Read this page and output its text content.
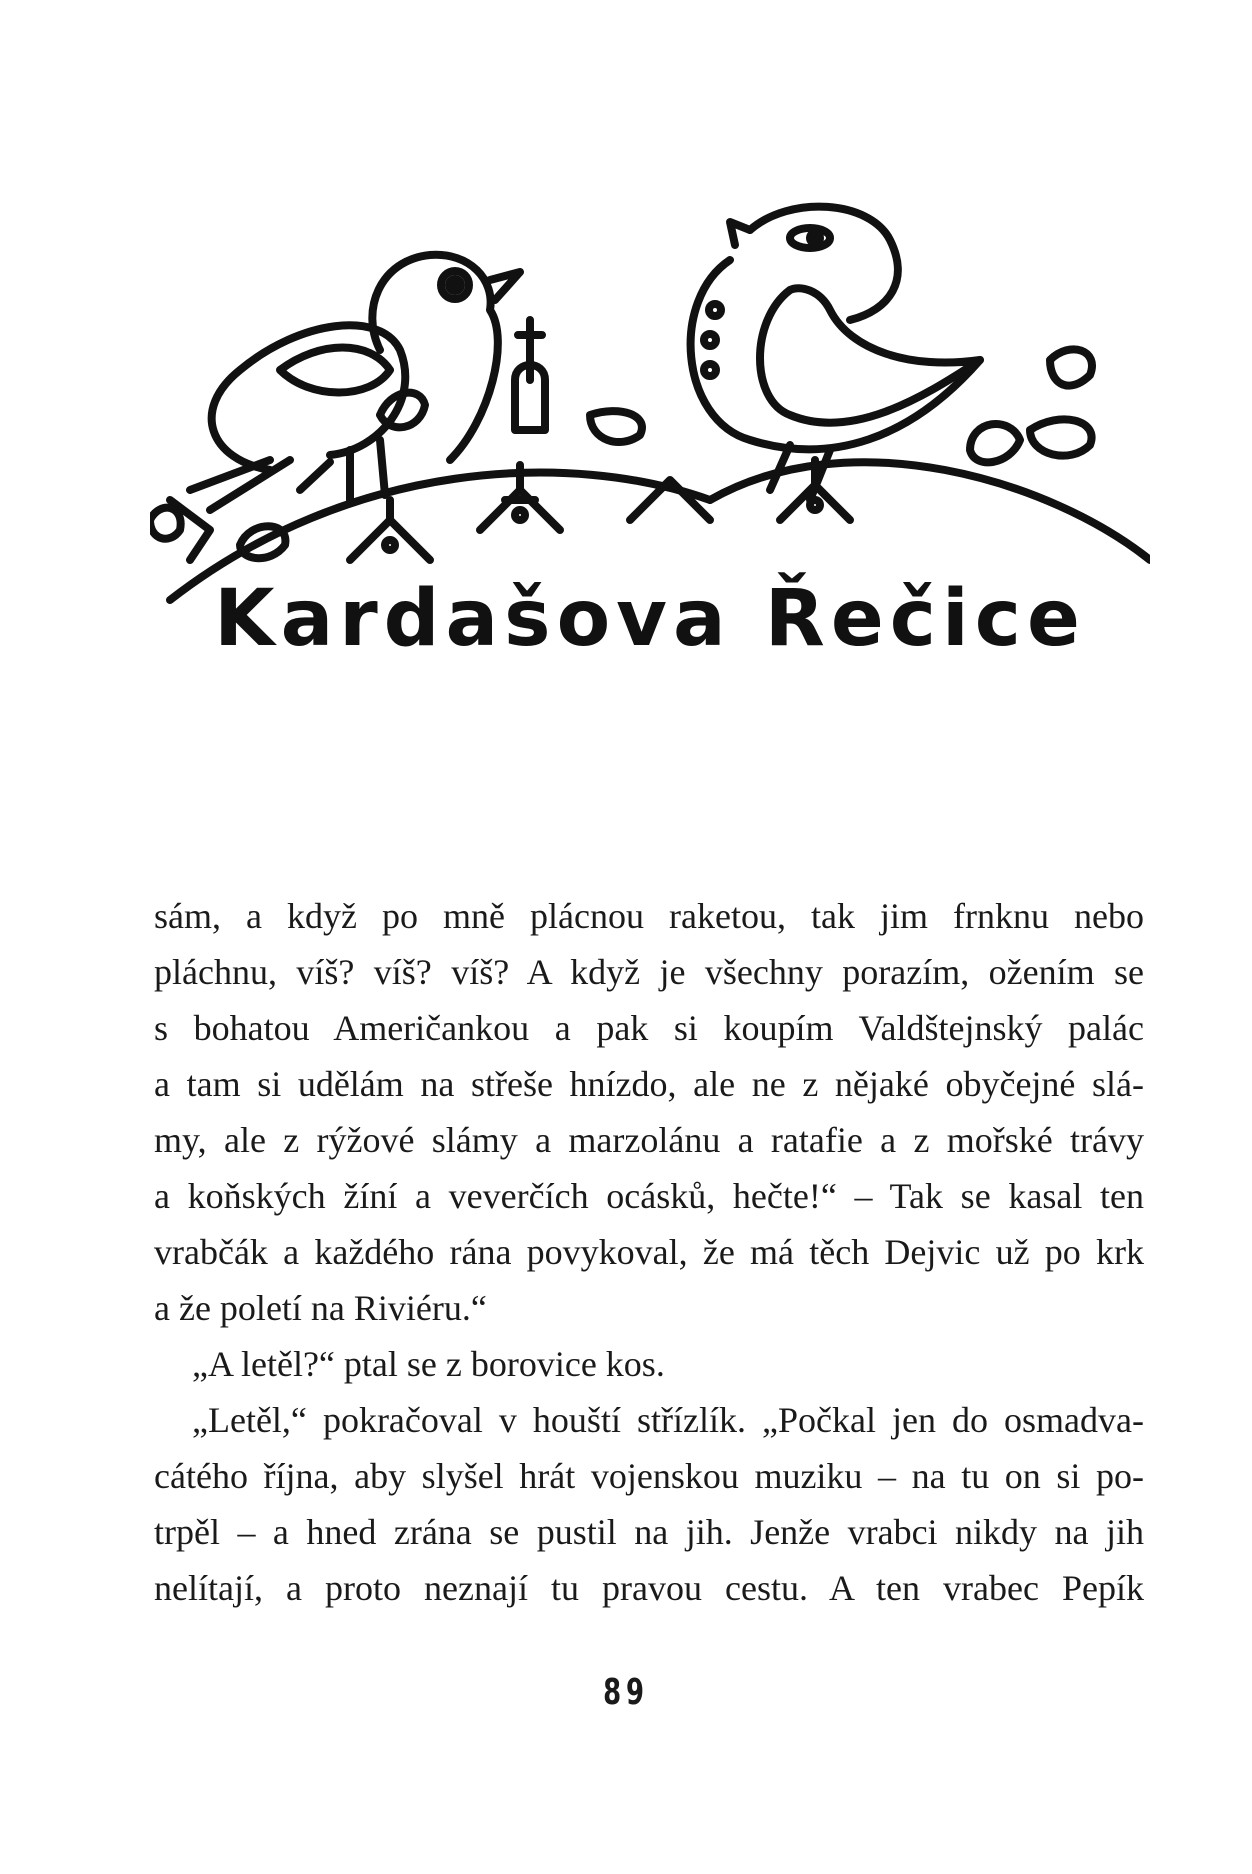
Kardašova Řečice

sám, a když po mně plácnou raketou, tak jim frnknu nebo

pláchnu, víš? víš? víš? A když je všechny porazím, ožením se

s bohatou Američankou a pak si koupím Valdštejnský palác

a tam si udělám na střeše hnízdo, ale ne z nějaké obyčejné slá-

my, ale z rýžové slámy a marzolánu a ratafie a z mořské trávy

a koňských žíní a veverčích ocásků, hečte!“ – Tak se kasal ten

vrabčák a každého rána povykoval, že má těch Dejvic už po krk

a že poletí na Riviéru.“

„A letěl?“ ptal se z borovice kos.

„Letěl,“ pokračoval v houští střízlík. „Počkal jen do osmadva-

cátého října, aby slyšel hrát vojenskou muziku – na tu on si po-

trpěl – a hned zrána se pustil na jih. Jenže vrabci nikdy na jih

nelítají, a proto neznají tu pravou cestu. A ten vrabec Pepík

89
